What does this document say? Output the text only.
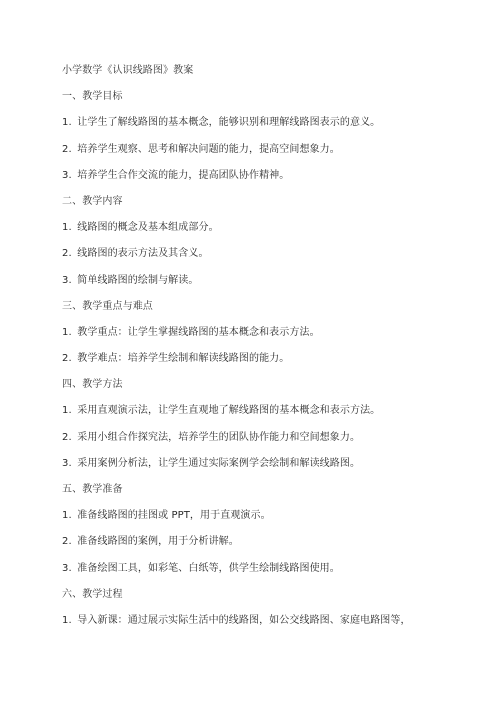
小学数学《认识线路图》教案
一、教学目标
1. 让学生了解线路图的基本概念，能够识别和理解线路图表示的意义。
2. 培养学生观察、思考和解决问题的能力，提高空间想象力。
3. 培养学生合作交流的能力，提高团队协作精神。
二、教学内容
1. 线路图的概念及基本组成部分。
2. 线路图的表示方法及其含义。
3. 简单线路图的绘制与解读。
三、教学重点与难点
1. 教学重点：让学生掌握线路图的基本概念和表示方法。
2. 教学难点：培养学生绘制和解读线路图的能力。
四、教学方法
1. 采用直观演示法，让学生直观地了解线路图的基本概念和表示方法。
2. 采用小组合作探究法，培养学生的团队协作能力和空间想象力。
3. 采用案例分析法，让学生通过实际案例学会绘制和解读线路图。
五、教学准备
1. 准备线路图的挂图或 PPT，用于直观演示。
2. 准备线路图的案例，用于分析讲解。
3. 准备绘图工具，如彩笔、白纸等，供学生绘制线路图使用。
六、教学过程
1. 导入新课：通过展示实际生活中的线路图，如公交线路图、家庭电路图等，
